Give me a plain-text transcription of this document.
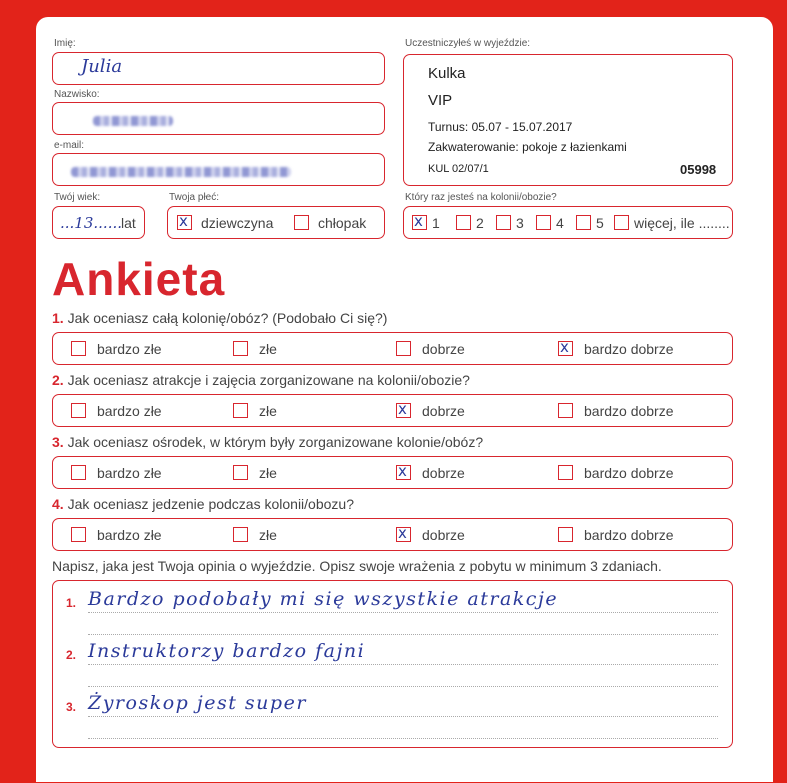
Imię:
Julia
Nazwisko:
e-mail:
Twój wiek:
...13...... lat
Twoja płeć:
x dziewczyna	chłopak
Uczestniczyłeś w wyjeździe:
Kulka
VIP
Turnus: 05.07 - 15.07.2017
Zakwaterowanie: pokoje z łazienkami
KUL 02/07/1	05998
Który raz jesteś na kolonii/obozie?
x 1	2 3 4 5 więcej, ile ........
Ankieta
1. Jak oceniasz całą kolonię/obóz? (Podobało Ci się?)
bardzo złe	złe	dobrze	x bardzo dobrze
2. Jak oceniasz atrakcje i zajęcia zorganizowane na kolonii/obozie?
bardzo złe	złe	x dobrze	bardzo dobrze
3. Jak oceniasz ośrodek, w którym były zorganizowane kolonie/obóz?
bardzo złe	złe	x dobrze	bardzo dobrze
4. Jak oceniasz jedzenie podczas kolonii/obozu?
bardzo złe	złe	x dobrze	bardzo dobrze
Napisz, jaka jest Twoja opinia o wyjeździe. Opisz swoje wrażenia z pobytu w minimum 3 zdaniach.
1. Bardzo podobały mi się wszystkie atrakcje
2. Instruktorzy bardzo fajni
3. Żyroskop jest super
